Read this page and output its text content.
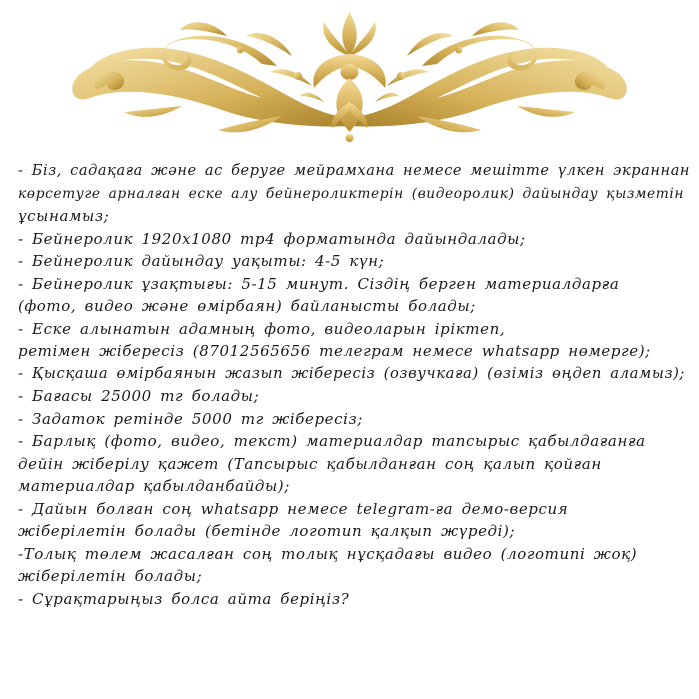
- Біз, садақаға және ас беруге мейрамхана немесе мешітте үлкен экраннан
көрсетуге арналған еске алу бейнероликтерін (видеоролик) дайындау қызметін
ұсынамыз;
- Бейнеролик 1920х1080 mp4 форматында дайындалады;
- Бейнеролик дайындау уақыты: 4-5 күн;
- Бейнеролик ұзақтығы: 5-15 минут. Сіздің берген материалдарға
(фото, видео және өмірбаян) байланысты болады;
- Еске алынатын адамның фото, видеоларын іріктеп,
ретімен жібересіз (87012565656 телеграм немесе whatsapp нөмерге);
- Қысқаша өмірбаянын жазып жібересіз (озвучкаға) (өзіміз өңдеп аламыз);
- Бағасы 25000 тг болады;
- Задаток ретінде 5000 тг жібересіз;
- Барлық (фото, видео, текст) материалдар тапсырыс қабылдағанға
дейін жіберілу қажет (Тапсырыс қабылданған соң қалып қойған
материалдар қабылданбайды);
- Дайын болған соң whatsapp немесе telegram-ға демо-версия
жіберілетін болады (бетінде логотип қалқып жүреді);
-Толық төлем жасалған соң толық нұсқадағы видео (логотипі жоқ)
жіберілетін болады;
- Сұрақтарыңыз болса айта беріңіз?
